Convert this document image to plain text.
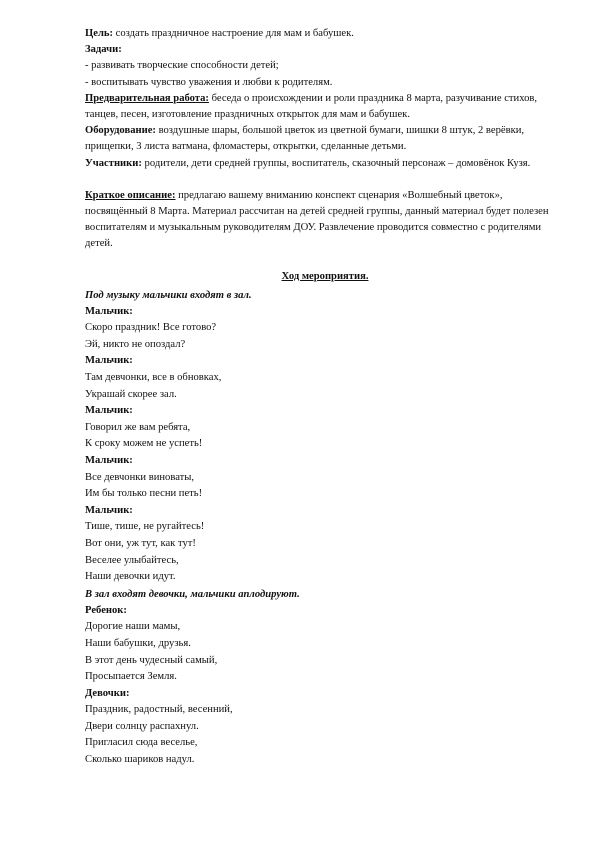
Цель: создать праздничное настроение для мам и бабушек.

Задачи:

- развивать творческие способности детей;

- воспитывать чувство уважения и любви к родителям.

Предварительная работа: беседа о происхождении и роли праздника 8 марта, разучивание стихов, танцев, песен, изготовление праздничных открыток для мам и бабушек.

Оборудование: воздушные шары, большой цветок из цветной бумаги, шишки 8 штук, 2 верёвки, прищепки, 3 листа ватмана, фломастеры, открытки, сделанные детьми.

Участники: родители, дети средней группы, воспитатель, сказочный персонаж – домовёнок Кузя.

Краткое описание: предлагаю вашему вниманию конспект сценария «Волшебный цветок», посвящённый 8 Марта. Материал рассчитан на детей средней группы, данный материал будет полезен воспитателям и музыкальным руководителям ДОУ. Развлечение проводится совместно с родителями детей.

Ход мероприятия.

Под музыку мальчики входят в зал.

Мальчик:

Скоро праздник! Все готово?

Эй, никто не опоздал?

Мальчик:

Там девчонки, все в обновках,

Украшай скорее зал.

Мальчик:

Говорил же вам ребята,

К сроку можем не успеть!

Мальчик:

Все девчонки виноваты,

Им бы только песни петь!

Мальчик:

Тише, тише, не ругайтесь!

Вот они, уж тут, как тут!

Веселее улыбайтесь,

Наши девочки идут.

В зал входят девочки, мальчики аплодируют.

Ребенок:

Дорогие наши мамы,

Наши бабушки, друзья.

В этот день чудесный самый,

Просыпается Земля.

Девочки:

Праздник, радостный, весенний,

Двери солнцу распахнул.

Пригласил сюда веселье,

Сколько шариков надул.
